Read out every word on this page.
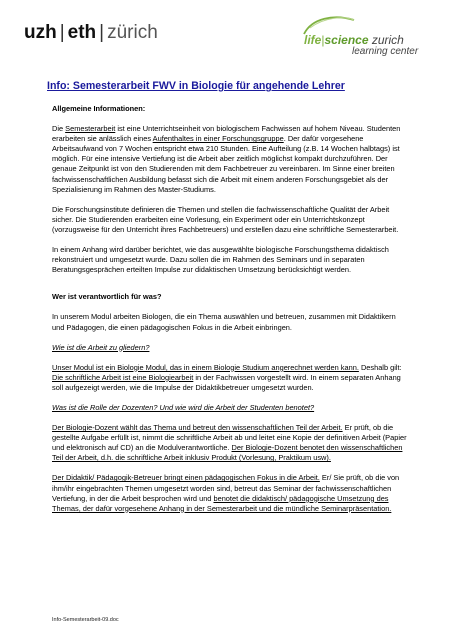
uzh | eth | zürich	life|science zurich
learning center
Info: Semesterarbeit FWV in Biologie für angehende Lehrer

Allgemeine Informationen:

Die Semesterarbeit ist eine Unterrichtseinheit von biologischem Fachwissen auf hohem Niveau. Studenten erarbeiten sie anlässlich eines Aufenthaltes in einer Forschungsgruppe. Der dafür vorgesehene Arbeitsaufwand von 7 Wochen entspricht etwa 210 Stunden. Eine Aufteilung (z.B. 14 Wochen halbtags) ist möglich. Für eine intensive Vertiefung ist die Arbeit aber zeitlich möglichst kompakt durchzuführen. Der genaue Zeitpunkt ist von den Studierenden mit dem Fachbetreuer zu vereinbaren. Im Sinne einer breiten fachwissenschaftlichen Ausbildung befasst sich die Arbeit mit einem anderen Forschungsgebiet als der Spezialisierung im Rahmen des Master-Studiums.

Die Forschungsinstitute definieren die Themen und stellen die fachwissenschaftliche Qualität der Arbeit sicher. Die Studierenden erarbeiten eine Vorlesung, ein Experiment oder ein Unterrichtskonzept (vorzugsweise für den Unterricht ihres Fachbetreuers) und erstellen dazu eine schriftliche Semesterarbeit.

In einem Anhang wird darüber berichtet, wie das ausgewählte biologische Forschungsthema didaktisch rekonstruiert und umgesetzt wurde. Dazu sollen die im Rahmen des Seminars und in separaten Beratungsgesprächen erteilten Impulse zur didaktischen Umsetzung berücksichtigt werden.

Wer ist verantwortlich für was?

In unserem Modul arbeiten Biologen, die ein Thema auswählen und betreuen, zusammen mit Didaktikern und Pädagogen, die einen pädagogischen Fokus in die Arbeit einbringen.

Wie ist die Arbeit zu gliedern?

Unser Modul ist ein Biologie Modul, das in einem Biologie Studium angerechnet werden kann. Deshalb gilt: Die schriftliche Arbeit ist eine Biologiearbeit in der Fachwissen vorgestellt wird. In einem separaten Anhang soll aufgezeigt werden, wie die Impulse der Didaktikbetreuer umgesetzt wurden.

Was ist die Rolle der Dozenten? Und wie wird die Arbeit der Studenten benotet?

Der Biologie-Dozent wählt das Thema und betreut den wissenschaftlichen Teil der Arbeit. Er prüft, ob die gestellte Aufgabe erfüllt ist, nimmt die schriftliche Arbeit ab und leitet eine Kopie der definitiven Arbeit (Papier und elektronisch auf CD) an die Modulverantwortliche. Der Biologie-Dozent benotet den wissenschaftlichen Teil der Arbeit, d.h. die schriftliche Arbeit inklusiv Produkt (Vorlesung, Praktikum usw).

Der Didaktik/ Pädagogik-Betreuer bringt einen pädagogischen Fokus in die Arbeit. Er/ Sie prüft, ob die von ihm/ihr eingebrachten Themen umgesetzt worden sind, betreut das Seminar der fachwissenschaftlichen Vertiefung, in der die Arbeit besprochen wird und benotet die didaktisch/ pädagogische Umsetzung des Themas, der dafür vorgesehene Anhang in der Semesterarbeit und die mündliche Seminarpräsentation.

Info-Semesterarbeit-09.doc
